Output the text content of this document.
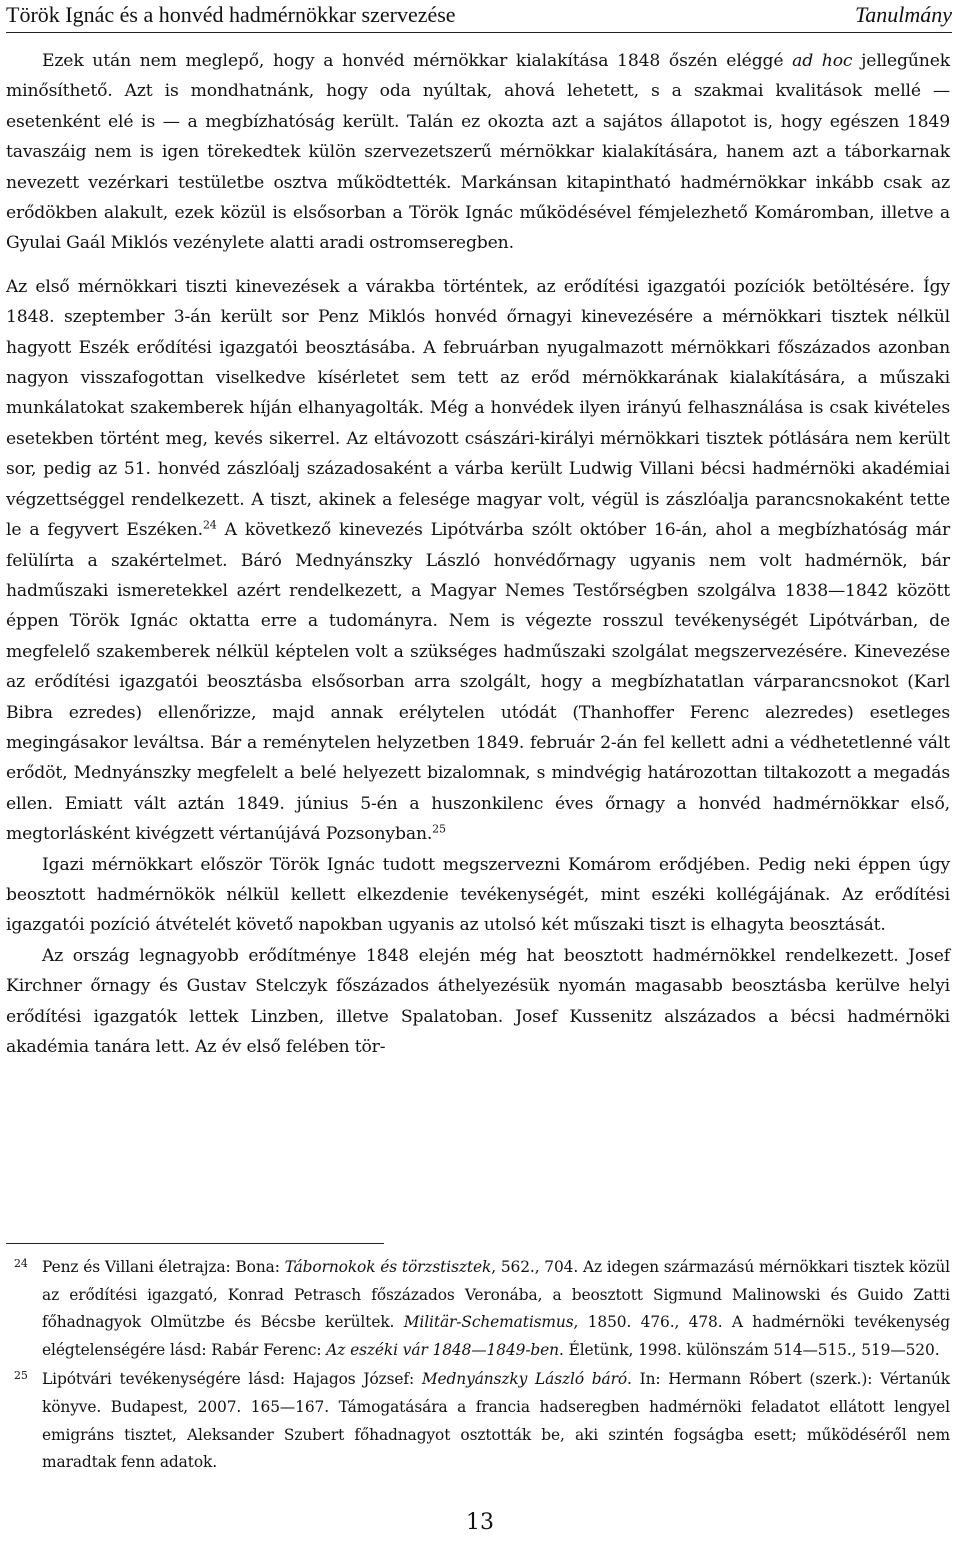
Török Ignác és a honvéd hadmérnökkar szervezése	Tanulmány

Ezek után nem meglepő, hogy a honvéd mérnökkar kialakítása 1848 őszén eléggé ad hoc jellegűnek minősíthető. Azt is mondhatnánk, hogy oda nyúltak, ahová lehetett, s a szakmai kvalitások mellé — esetenként elé is — a megbízhatóság került. Talán ez okozta azt a sajátos állapotot is, hogy egészen 1849 tavaszáig nem is igen törekedtek külön szervezetszerű mérnökkar kialakítására, hanem azt a táborkarnak nevezett vezérkari testületbe osztva működtették. Markánsan kitapintható hadmérnökkar inkább csak az erődökben alakult, ezek közül is elsősorban a Török Ignác működésével fémjelezhető Komáromban, illetve a Gyulai Gaál Miklós vezénylete alatti aradi ostromseregben.

Az első mérnökkari tiszti kinevezések a várakba történtek, az erődítési igazgatói pozíciók betöltésére. Így 1848. szeptember 3-án került sor Penz Miklós honvéd őrnagyi kinevezésére a mérnökkari tisztek nélkül hagyott Eszék erődítési igazgatói beosztásába. A februárban nyugalmazott mérnökkari főszázados azonban nagyon visszafogottan viselkedve kísérletet sem tett az erőd mérnökkarának kialakítására, a műszaki munkálatokat szakemberek híján elhanyagolták. Még a honvédek ilyen irányú felhasználása is csak kivételes esetekben történt meg, kevés sikerrel. Az eltávozott császári-királyi mérnökkari tisztek pótlására nem került sor, pedig az 51. honvéd zászlóalj századosaként a várba került Ludwig Villani bécsi hadmérnöki akadémiai végzettséggel rendelkezett. A tiszt, akinek a felesége magyar volt, végül is zászlóalja parancsnokaként tette le a fegyvert Eszéken.$^{24}$ A következő kinevezés Lipótvárba szólt október 16-án, ahol a megbízhatóság már felülírta a szakértelmet. Báró Mednyánszky László honvédőrnagy ugyanis nem volt hadmérnök, bár hadműszaki ismeretekkel azért rendelkezett, a Magyar Nemes Testőrségben szolgálva 1838—1842 között éppen Török Ignác oktatta erre a tudományra. Nem is végezte rosszul tevékenységét Lipótvárban, de megfelelő szakemberek nélkül képtelen volt a szükséges hadműszaki szolgálat megszervezésére. Kinevezése az erődítési igazgatói beosztásba elsősorban arra szolgált, hogy a megbízhatatlan várparancsnokot (Karl Bibra ezredes) ellenőrizze, majd annak erélytelen utódát (Thanhoffer Ferenc alezredes) esetleges megingásakor leváltsa. Bár a reménytelen helyzetben 1849. február 2-án fel kellett adni a védhetetlenné vált erődöt, Mednyánszky megfelelt a belé helyezett bizalomnak, s mindvégig határozottan tiltakozott a megadás ellen. Emiatt vált aztán 1849. június 5-én a huszonkilenc éves őrnagy a honvéd hadmérnökkar első, megtorlásként kivégzett vértanújává Pozsonyban.$^{25}$

Igazi mérnökkart először Török Ignác tudott megszervezni Komárom erődjében. Pedig neki éppen úgy beosztott hadmérnökök nélkül kellett elkezdenie tevékenységét, mint eszéki kollégájának. Az erődítési igazgatói pozíció átvételét követő napokban ugyanis az utolsó két műszaki tiszt is elhagyta beosztását.

Az ország legnagyobb erődítménye 1848 elején még hat beosztott hadmérnökkel rendelkezett. Josef Kirchner őrnagy és Gustav Stelczyk főszázados áthelyezésük nyomán magasabb beosztásba kerülve helyi erődítési igazgatók lettek Linzben, illetve Spalatoban. Josef Kussenitz alszázados a bécsi hadmérnöki akadémia tanára lett. Az év első felében tör-

24 Penz és Villani életrajza: Bona: Tábornokok és törzstisztek, 562., 704. Az idegen származású mérnökkari tisztek közül az erődítési igazgató, Konrad Petrasch főszázados Veronába, a beosztott Sigmund Malinowski és Guido Zatti főhadnagyok Olmützbe és Bécsbe kerültek. Militär-Schematismus, 1850. 476., 478. A hadmérnöki tevékenység elégtelenségére lásd: Rabár Ferenc: Az eszéki vár 1848—1849-ben. Életünk, 1998. különszám 514—515., 519—520.
25 Lipótvári tevékenységére lásd: Hajagos József: Mednyánszky László báró. In: Hermann Róbert (szerk.): Vértanúk könyve. Budapest, 2007. 165—167. Támogatására a francia hadseregben hadmérnöki feladatot ellátott lengyel emigráns tisztet, Aleksander Szubert főhadnagyot osztották be, aki szintén fogságba esett; működéséről nem maradtak fenn adatok.
13
